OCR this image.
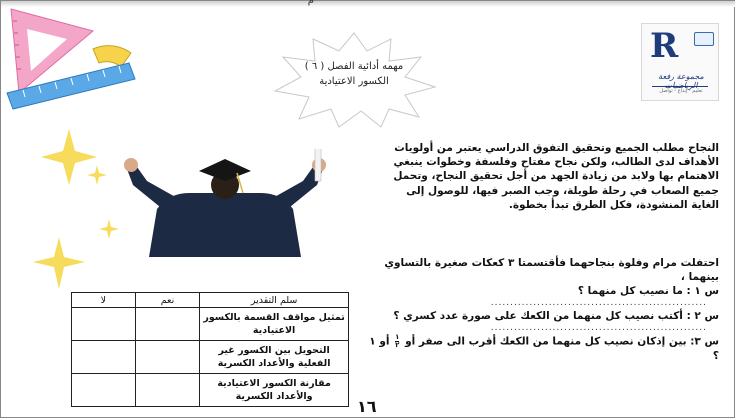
م
مهمه أدائية الفصل ( ٦ )
الكسور الاعتيادية
R
مجموعة رفعة
تعليم - إبداع - تواصل
النجاح مطلب الجميع وتحقيق التفوق الدراسي يعتبر من أولويات الأهداف لدى الطالب، ولكن نجاح مفتاح وفلسفة وخطوات ينبغي الاهتمام بها ولابد من زيادة الجهد من أجل تحقيق النجاح، وتحمل جميع الصعاب في رحلة طويلة، وجب الصبر فيها، للوصول إلى الغاية المنشودة، فكل الطرق تبدأ بخطوة.
احتفلت مرام وفلوة بنجاحهما فأقتسمتا ٣ كعكات صغيرة بالتساوي بينهما ،
س ١ : ما نصيب كل منهما ؟
........................................................
س ٢ : أكتب نصيب كل منهما من الكعك على صورة عدد كسري ؟
........................................................
س ٣: بين إذكان نصيب كل منهما من الكعك أقرب الى صفر أو
$\frac{١}{٢}$
أو ١ ؟
سلم التقدير	نعم	لا
تمثيل مواقف القسمة بالكسور الاعتيادية		
التحويل بين الكسور غير الفعلية والأعداد الكسرية		
مقارنة الكسور الاعتيادية والأعداد الكسرية		
١٦
